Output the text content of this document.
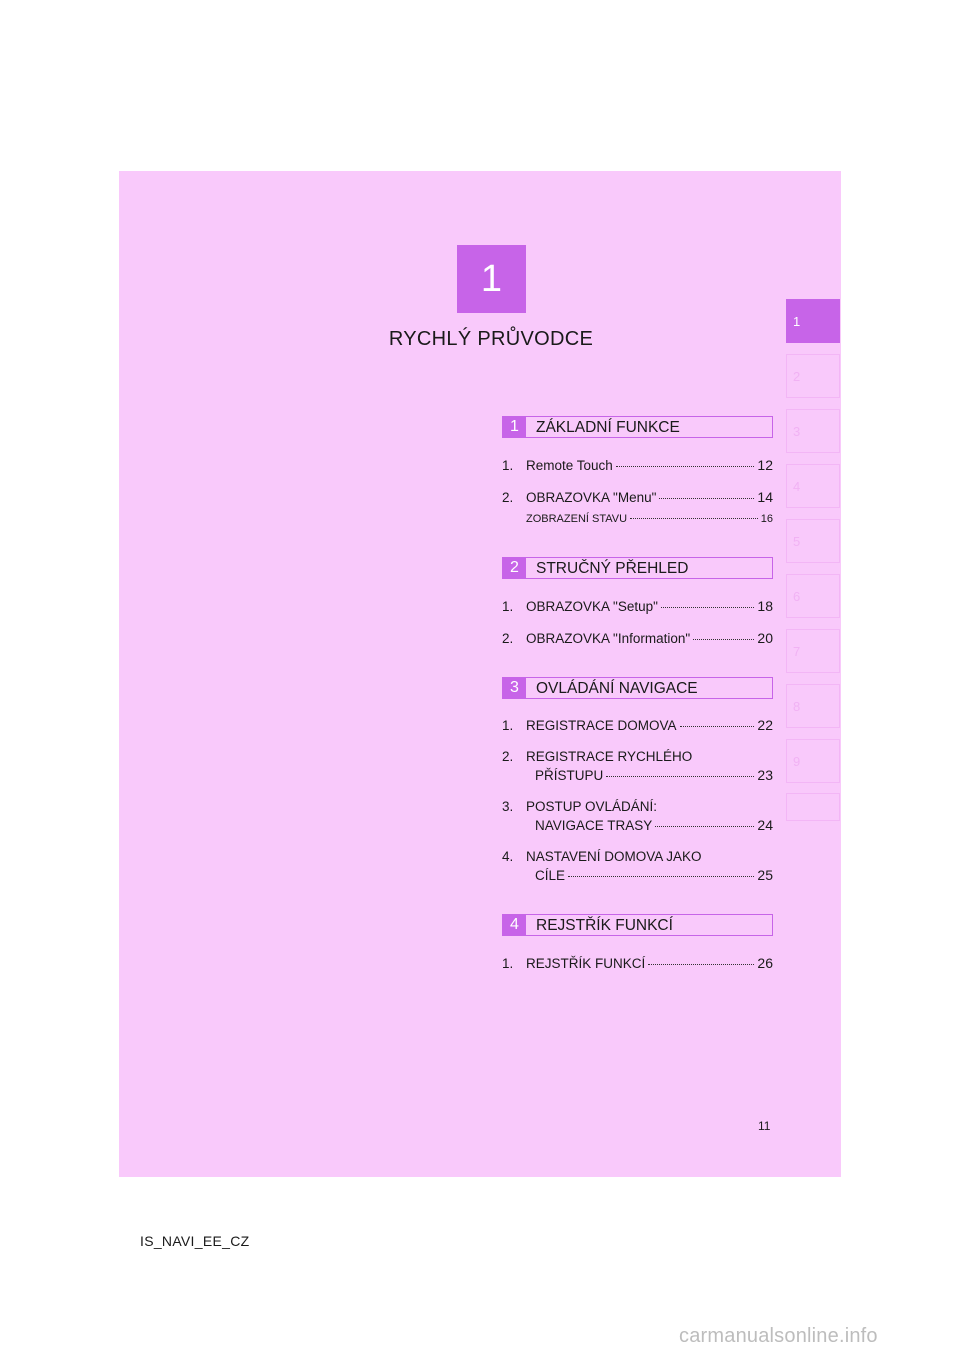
1
RYCHLÝ PRŮVODCE
1
2
3
4
5
6
7
8
9
1	ZÁKLADNÍ FUNKCE
1. Remote Touch	12
2. OBRAZOVKA "Menu"	14
ZOBRAZENÍ STAVU	16
2	STRUČNÝ PŘEHLED
1. OBRAZOVKA "Setup"	18
2. OBRAZOVKA "Information"	20
3	OVLÁDÁNÍ NAVIGACE
1. REGISTRACE DOMOVA	22
2. REGISTRACE RYCHLÉHO
PŘÍSTUPU	23
3. POSTUP OVLÁDÁNÍ:
NAVIGACE TRASY	24
4. NASTAVENÍ DOMOVA JAKO
CÍLE	25
4	REJSTŘÍK FUNKCÍ
1. REJSTŘÍK FUNKCÍ	26
11
IS_NAVI_EE_CZ
carmanualsonline.info
